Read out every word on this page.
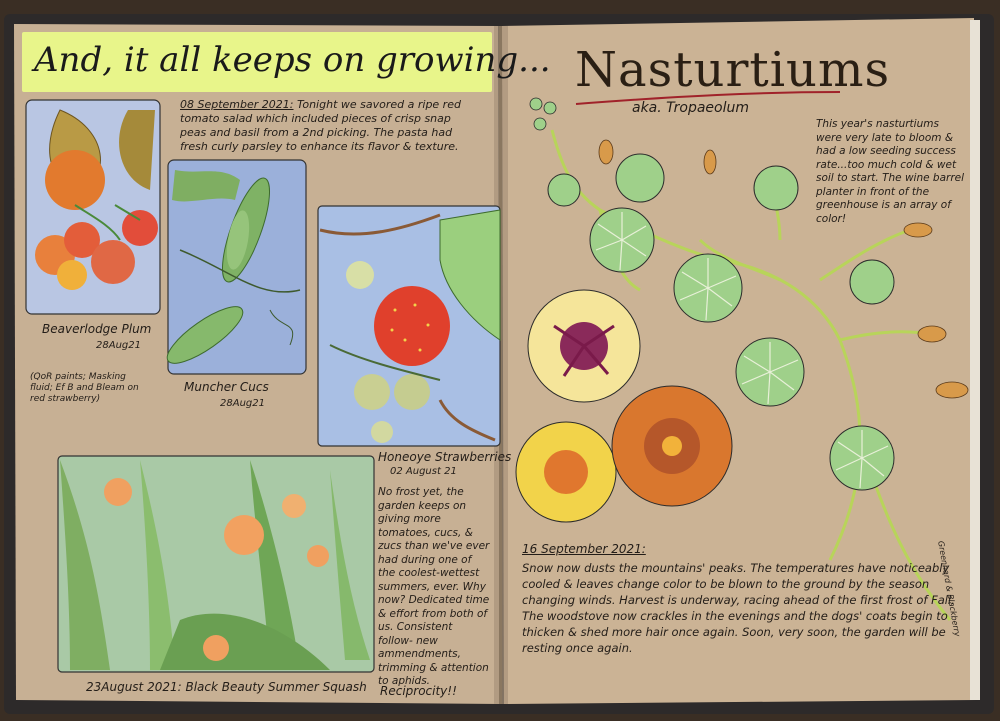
And, it all keeps on growing...
08 September 2021: Tonight we savored a ripe red tomato salad which included pieces of crisp snap peas and basil from a 2nd picking. The pasta had fresh curly parsley to enhance its flavor & texture.
Beaverlodge Plum
28Aug21
(QoR paints; Masking fluid; Ef B and Bleam on red strawberry)
Muncher Cucs
28Aug21
Honeoye Strawberries
02 August 21
No frost yet, the garden keeps on giving more tomatoes, cucs, & zucs than we've ever had during one of the coolest-wettest summers, ever. Why now? Dedicated time & effort from both of us. Consistent follow- new ammendments, trimming & attention to aphids.
Reciprocity!!
23August 2021: Black Beauty Summer Squash
Nasturtiums
aka. Tropaeolum
This year's nasturtiums were very late to bloom & had a low seeding success rate...too much cold & wet soil to start. The wine barrel planter in front of the greenhouse is an array of color!
16 September 2021:
Snow now dusts the mountains' peaks. The temperatures have noticeably cooled & leaves change color to be blown to the ground by the season changing winds. Harvest is underway, racing ahead of the first frost of Fall. The woodstove now crackles in the evenings and the dogs' coats begin to thicken & shed more hair once again. Soon, very soon, the garden will be resting once again.
Greenhard & Blackberry
